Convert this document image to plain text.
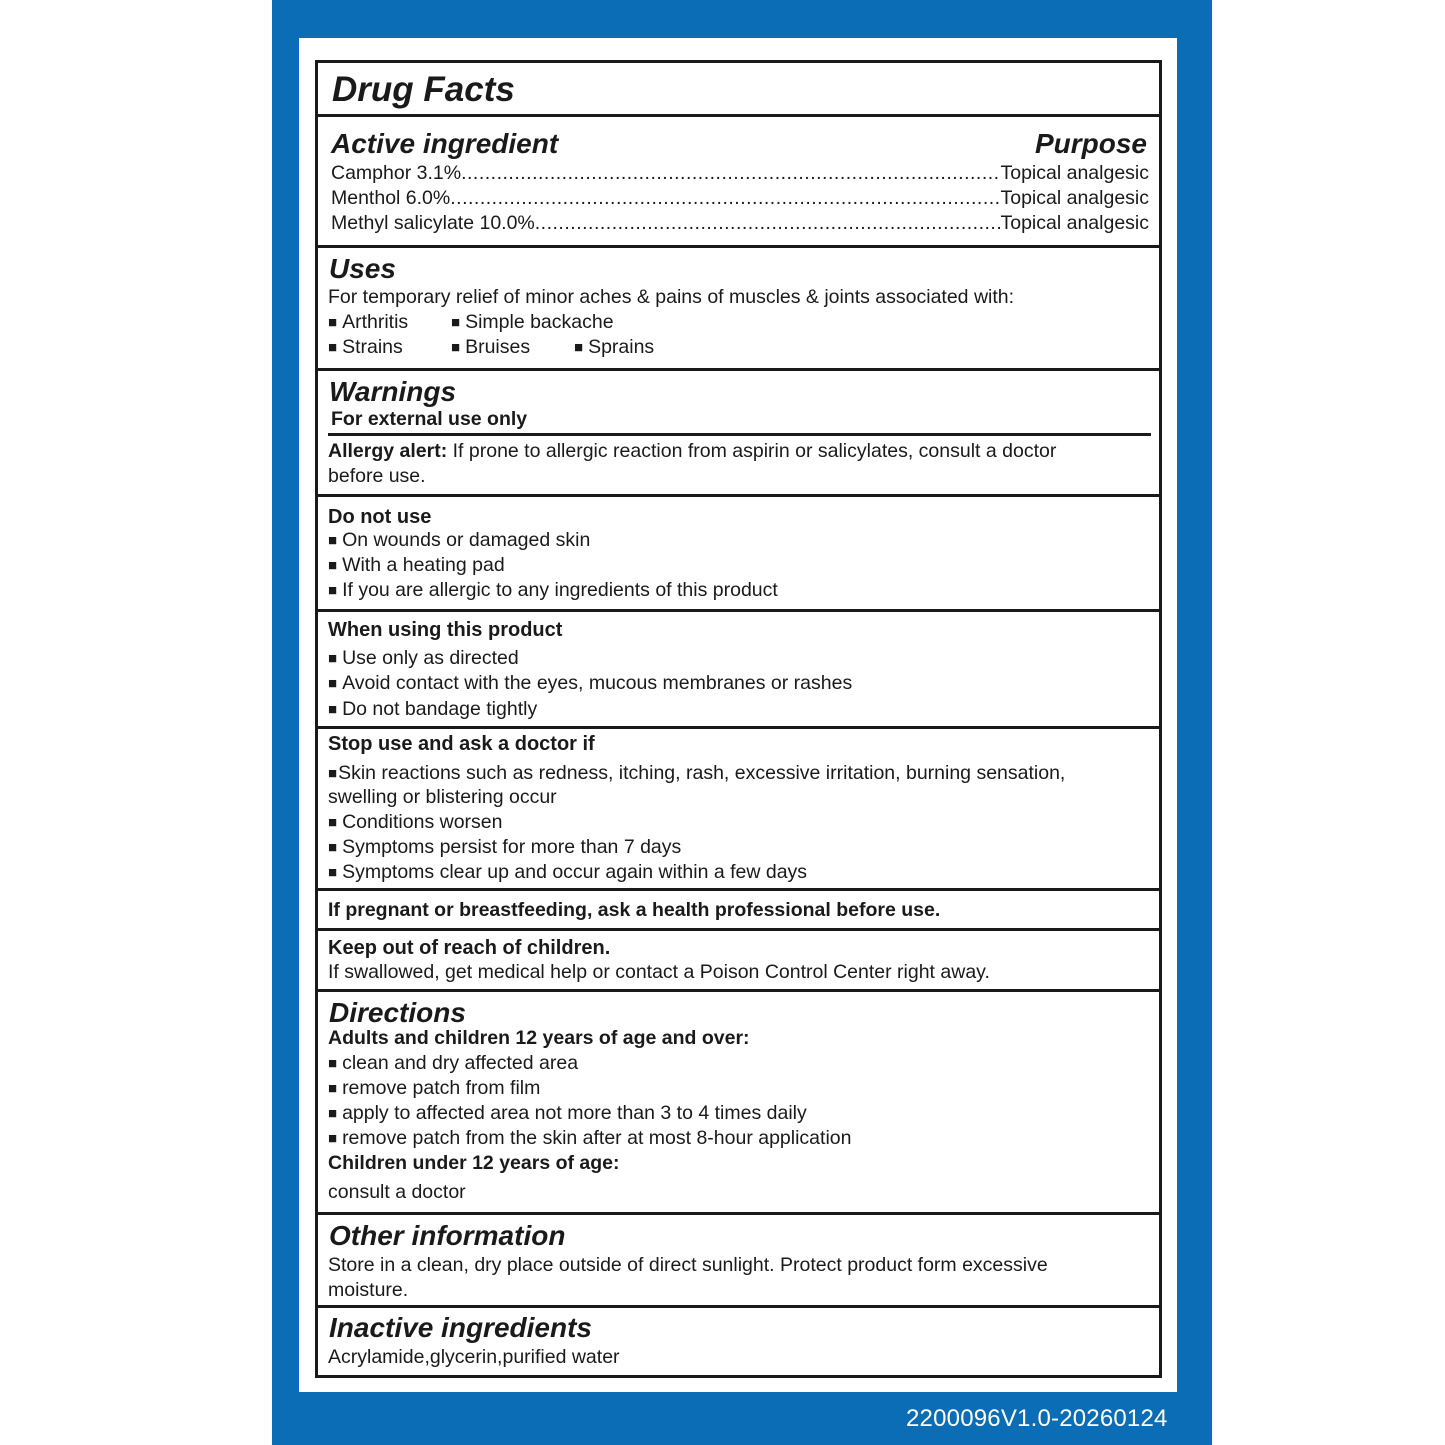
Drug Facts
Active ingredient	Purpose
Camphor 3.1% .....	Topical analgesic
Menthol 6.0% .....	Topical analgesic
Methyl salicylate 10.0% .....	Topical analgesic
Uses
For temporary relief of minor aches & pains of muscles & joints associated with:
■ Arthritis	■ Simple backache
■ Strains	■ Bruises	■ Sprains
Warnings
For external use only
Allergy alert: If prone to allergic reaction from aspirin or salicylates, consult a doctor
before use.
Do not use
■ On wounds or damaged skin
■ With a heating pad
■ If you are allergic to any ingredients of this product
When using this product
■ Use only as directed
■ Avoid contact with the eyes, mucous membranes or rashes
■ Do not bandage tightly
Stop use and ask a doctor if
■ Skin reactions such as redness, itching, rash, excessive irritation, burning sensation,
swelling or blistering occur
■ Conditions worsen
■ Symptoms persist for more than 7 days
■ Symptoms clear up and occur again within a few days
If pregnant or breastfeeding, ask a health professional before use.
Keep out of reach of children.
If swallowed, get medical help or contact a Poison Control Center right away.
Directions
Adults and children 12 years of age and over:
■ clean and dry affected area
■ remove patch from film
■ apply to affected area not more than 3 to 4 times daily
■ remove patch from the skin after at most 8-hour application
Children under 12 years of age:
consult a doctor
Other information
Store in a clean, dry place outside of direct sunlight. Protect product form excessive
moisture.
Inactive ingredients
Acrylamide,glycerin,purified water
2200096V1.0-20260124
